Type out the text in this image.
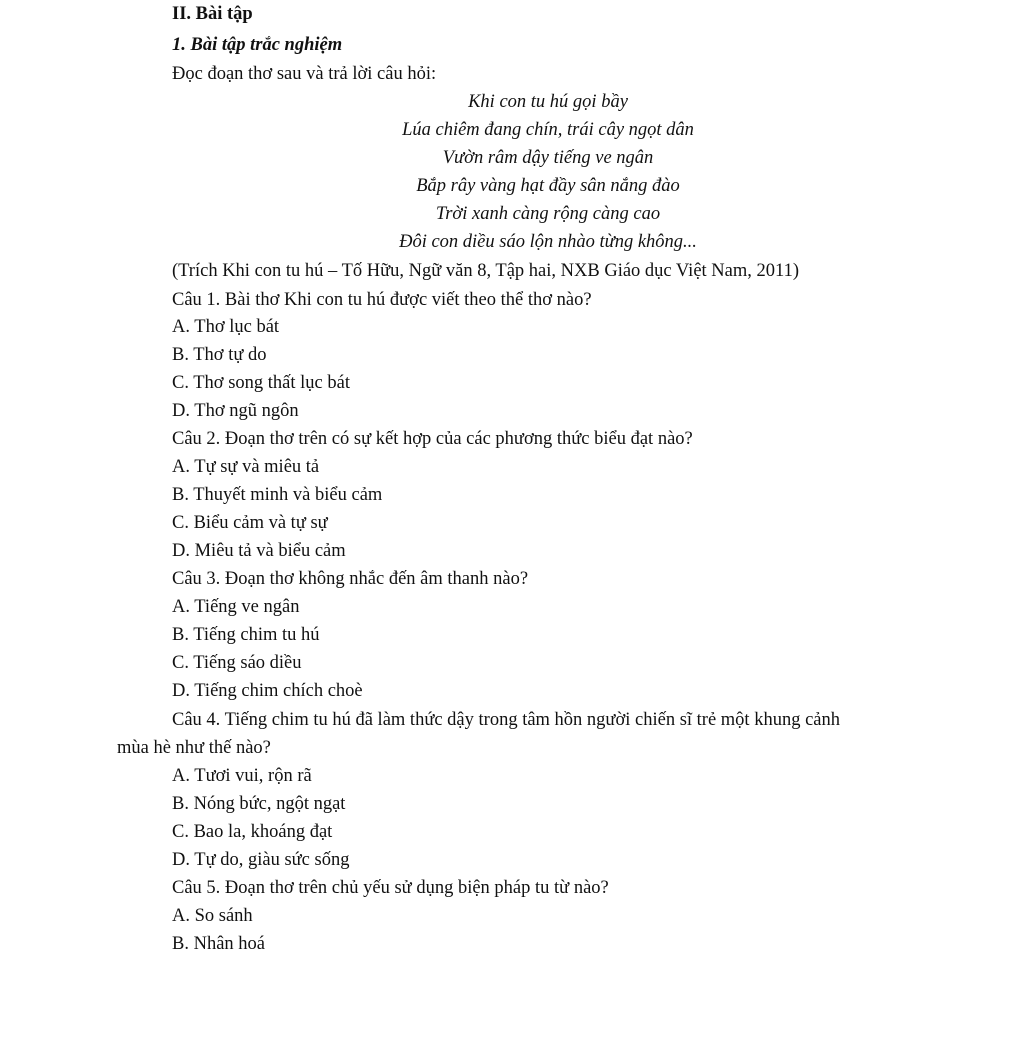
II. Bài tập
1. Bài tập trắc nghiệm
Đọc đoạn thơ sau và trả lời câu hỏi:
Khi con tu hú gọi bầy
Lúa chiêm đang chín, trái cây ngọt dân
Vườn râm dậy tiếng ve ngân
Bắp rây vàng hạt đầy sân nắng đào
Trời xanh càng rộng càng cao
Đôi con diều sáo lộn nhào từng không...
(Trích Khi con tu hú – Tố Hữu, Ngữ văn 8, Tập hai, NXB Giáo dục Việt Nam, 2011)
Câu 1. Bài thơ Khi con tu hú được viết theo thể thơ nào?
A. Thơ lục bát
B. Thơ tự do
C. Thơ song thất lục bát
D. Thơ ngũ ngôn
Câu 2. Đoạn thơ trên có sự kết hợp của các phương thức biểu đạt nào?
A. Tự sự và miêu tả
B. Thuyết minh và biểu cảm
C. Biểu cảm và tự sự
D. Miêu tả và biểu cảm
Câu 3. Đoạn thơ không nhắc đến âm thanh nào?
A. Tiếng ve ngân
B. Tiếng chim tu hú
C. Tiếng sáo diều
D. Tiếng chim chích choè
Câu 4. Tiếng chim tu hú đã làm thức dậy trong tâm hồn người chiến sĩ trẻ một khung cảnh
mùa hè như thế nào?
A. Tươi vui, rộn rã
B. Nóng bức, ngột ngạt
C. Bao la, khoáng đạt
D. Tự do, giàu sức sống
Câu 5. Đoạn thơ trên chủ yếu sử dụng biện pháp tu từ nào?
A. So sánh
B. Nhân hoá
